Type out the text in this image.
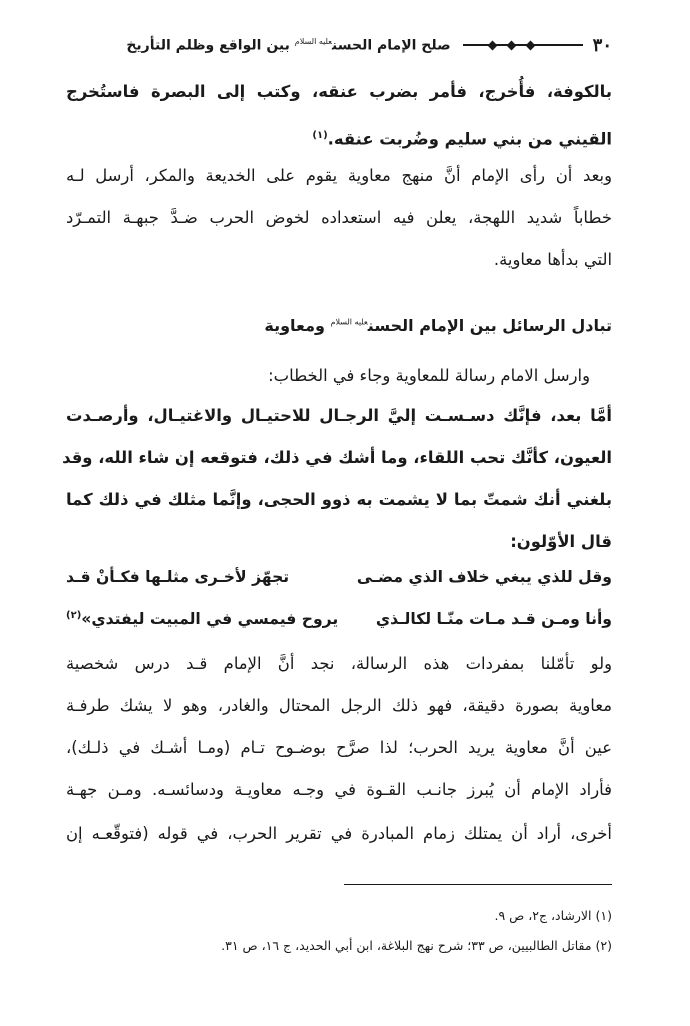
٣٠
صلح الإمام الحسن$^{عليه السلام}$ بين الواقع وظلم التأريخ
بالكوفة، فأُخرج، فأمر بضرب عنقه، وكتب إلى البصرة فاستُخرج
القيني من بني سليم وضُربت عنقه.$^{(١)}$
وبعد أن رأى الإمام أنَّ منهج معاوية يقوم على الخديعة والمكر، أرسل لـه
خطاباً شديد اللهجة، يعلن فيه استعداده لخوض الحرب ضـدَّ جبهـة التمـرّد
التي بدأها معاوية.
تبادل الرسائل بين الإمام الحسن$^{عليه السلام}$ ومعاوية
وارسل الامام رسالة للمعاوية وجاء في الخطاب:
أمَّا بعد، فإنَّك دسـسـت إليَّ الرجـال للاحتيـال والاغتيـال، وأرصـدت
العيون، كأنَّك تحب اللقاء، وما أشك في ذلك، فتوقعه إن شاء الله، وقد
بلغني أنك شمتّ بما لا يشمت به ذوو الحجى، وإنَّما مثلك في ذلك كما
قال الأوّلون:
وقل للذي يبغي خلاف الذي مضـى
تجهّز لأخـرى مثلـها فكـأنْ قـد
وأنا ومـن قـد مـات منّـا لكالـذي
يروح فيمسي في المبيت ليفتدي»$^{(٢)}$
ولو تأمّلنا بمفردات هذه الرسالة، نجد أنَّ الإمام قـد درس شخصية
معاوية بصورة دقيقة، فهو ذلك الرجل المحتال والغادر، وهو لا يشك طرفـة
عين أنَّ معاوية يريد الحرب؛ لذا صرَّح بوضـوح تـام (ومـا أشـك في ذلـك)،
فأراد الإمام أن يُبرز جانـب القـوة في وجـه معاويـة ودسائسـه. ومـن جهـة
أخرى، أراد أن يمتلك زمام المبادرة في تقرير الحرب، في قوله (فتوقّعـه إن
(١) الارشاد، ج٢، ص ٩.
(٢) مقاتل الطالبيين، ص ٣٣؛ شرح نهج البلاغة، ابن أبي الحديد، ج ١٦، ص ٣١.
